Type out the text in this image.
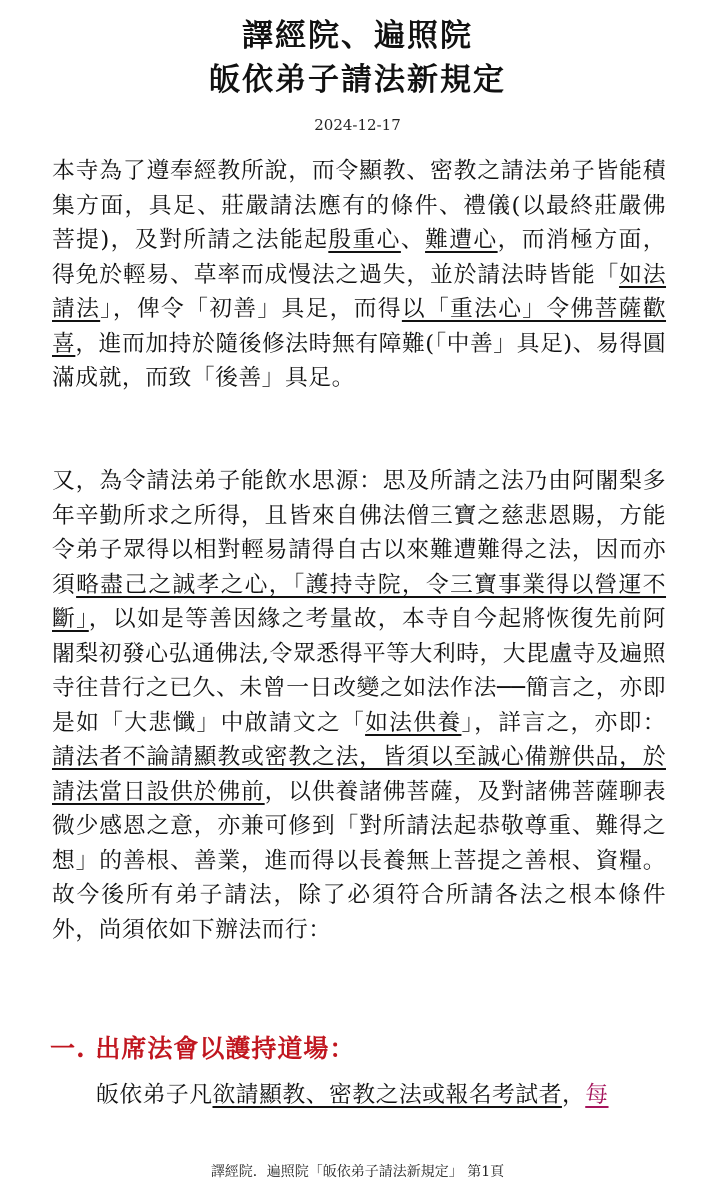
譯經院、遍照院
皈依弟子請法新規定
2024-12-17

本寺為了遵奉經教所說，而令顯教、密教之請法弟子皆能積集方面，具足、莊嚴請法應有的條件、禮儀(以最終莊嚴佛菩提)，及對所請之法能起殷重心、難遭心，而消極方面，得免於輕易、草率而成慢法之過失，並於請法時皆能「如法請法」，俾令「初善」具足，而得以「重法心」令佛菩薩歡喜，進而加持於隨後修法時無有障難(「中善」具足)、易得圓滿成就，而致「後善」具足。

又，為令請法弟子能飲水思源：思及所請之法乃由阿闍梨多年辛勤所求之所得，且皆來自佛法僧三寶之慈悲恩賜，方能令弟子眾得以相對輕易請得自古以來難遭難得之法，因而亦須略盡己之誠孝之心，「護持寺院，令三寶事業得以營運不斷」，以如是等善因緣之考量故，本寺自今起將恢復先前阿闍梨初發心弘通佛法,令眾悉得平等大利時，大毘盧寺及遍照寺往昔行之已久、未曾一日改變之如法作法──簡言之，亦即是如「大悲懺」中啟請文之「如法供養」，詳言之，亦即：請法者不論請顯教或密教之法，皆須以至誠心備辦供品，於請法當日設供於佛前，以供養諸佛菩薩，及對諸佛菩薩聊表微少感恩之意，亦兼可修到「對所請法起恭敬尊重、難得之想」的善根、善業，進而得以長養無上菩提之善根、資糧。故今後所有弟子請法，除了必須符合所請各法之根本條件外，尚須依如下辦法而行：

一. 出席法會以護持道場：

皈依弟子凡欲請顯教、密教之法或報名考試者，每

譯經院．遍照院「皈依弟子請法新規定」 第1頁
